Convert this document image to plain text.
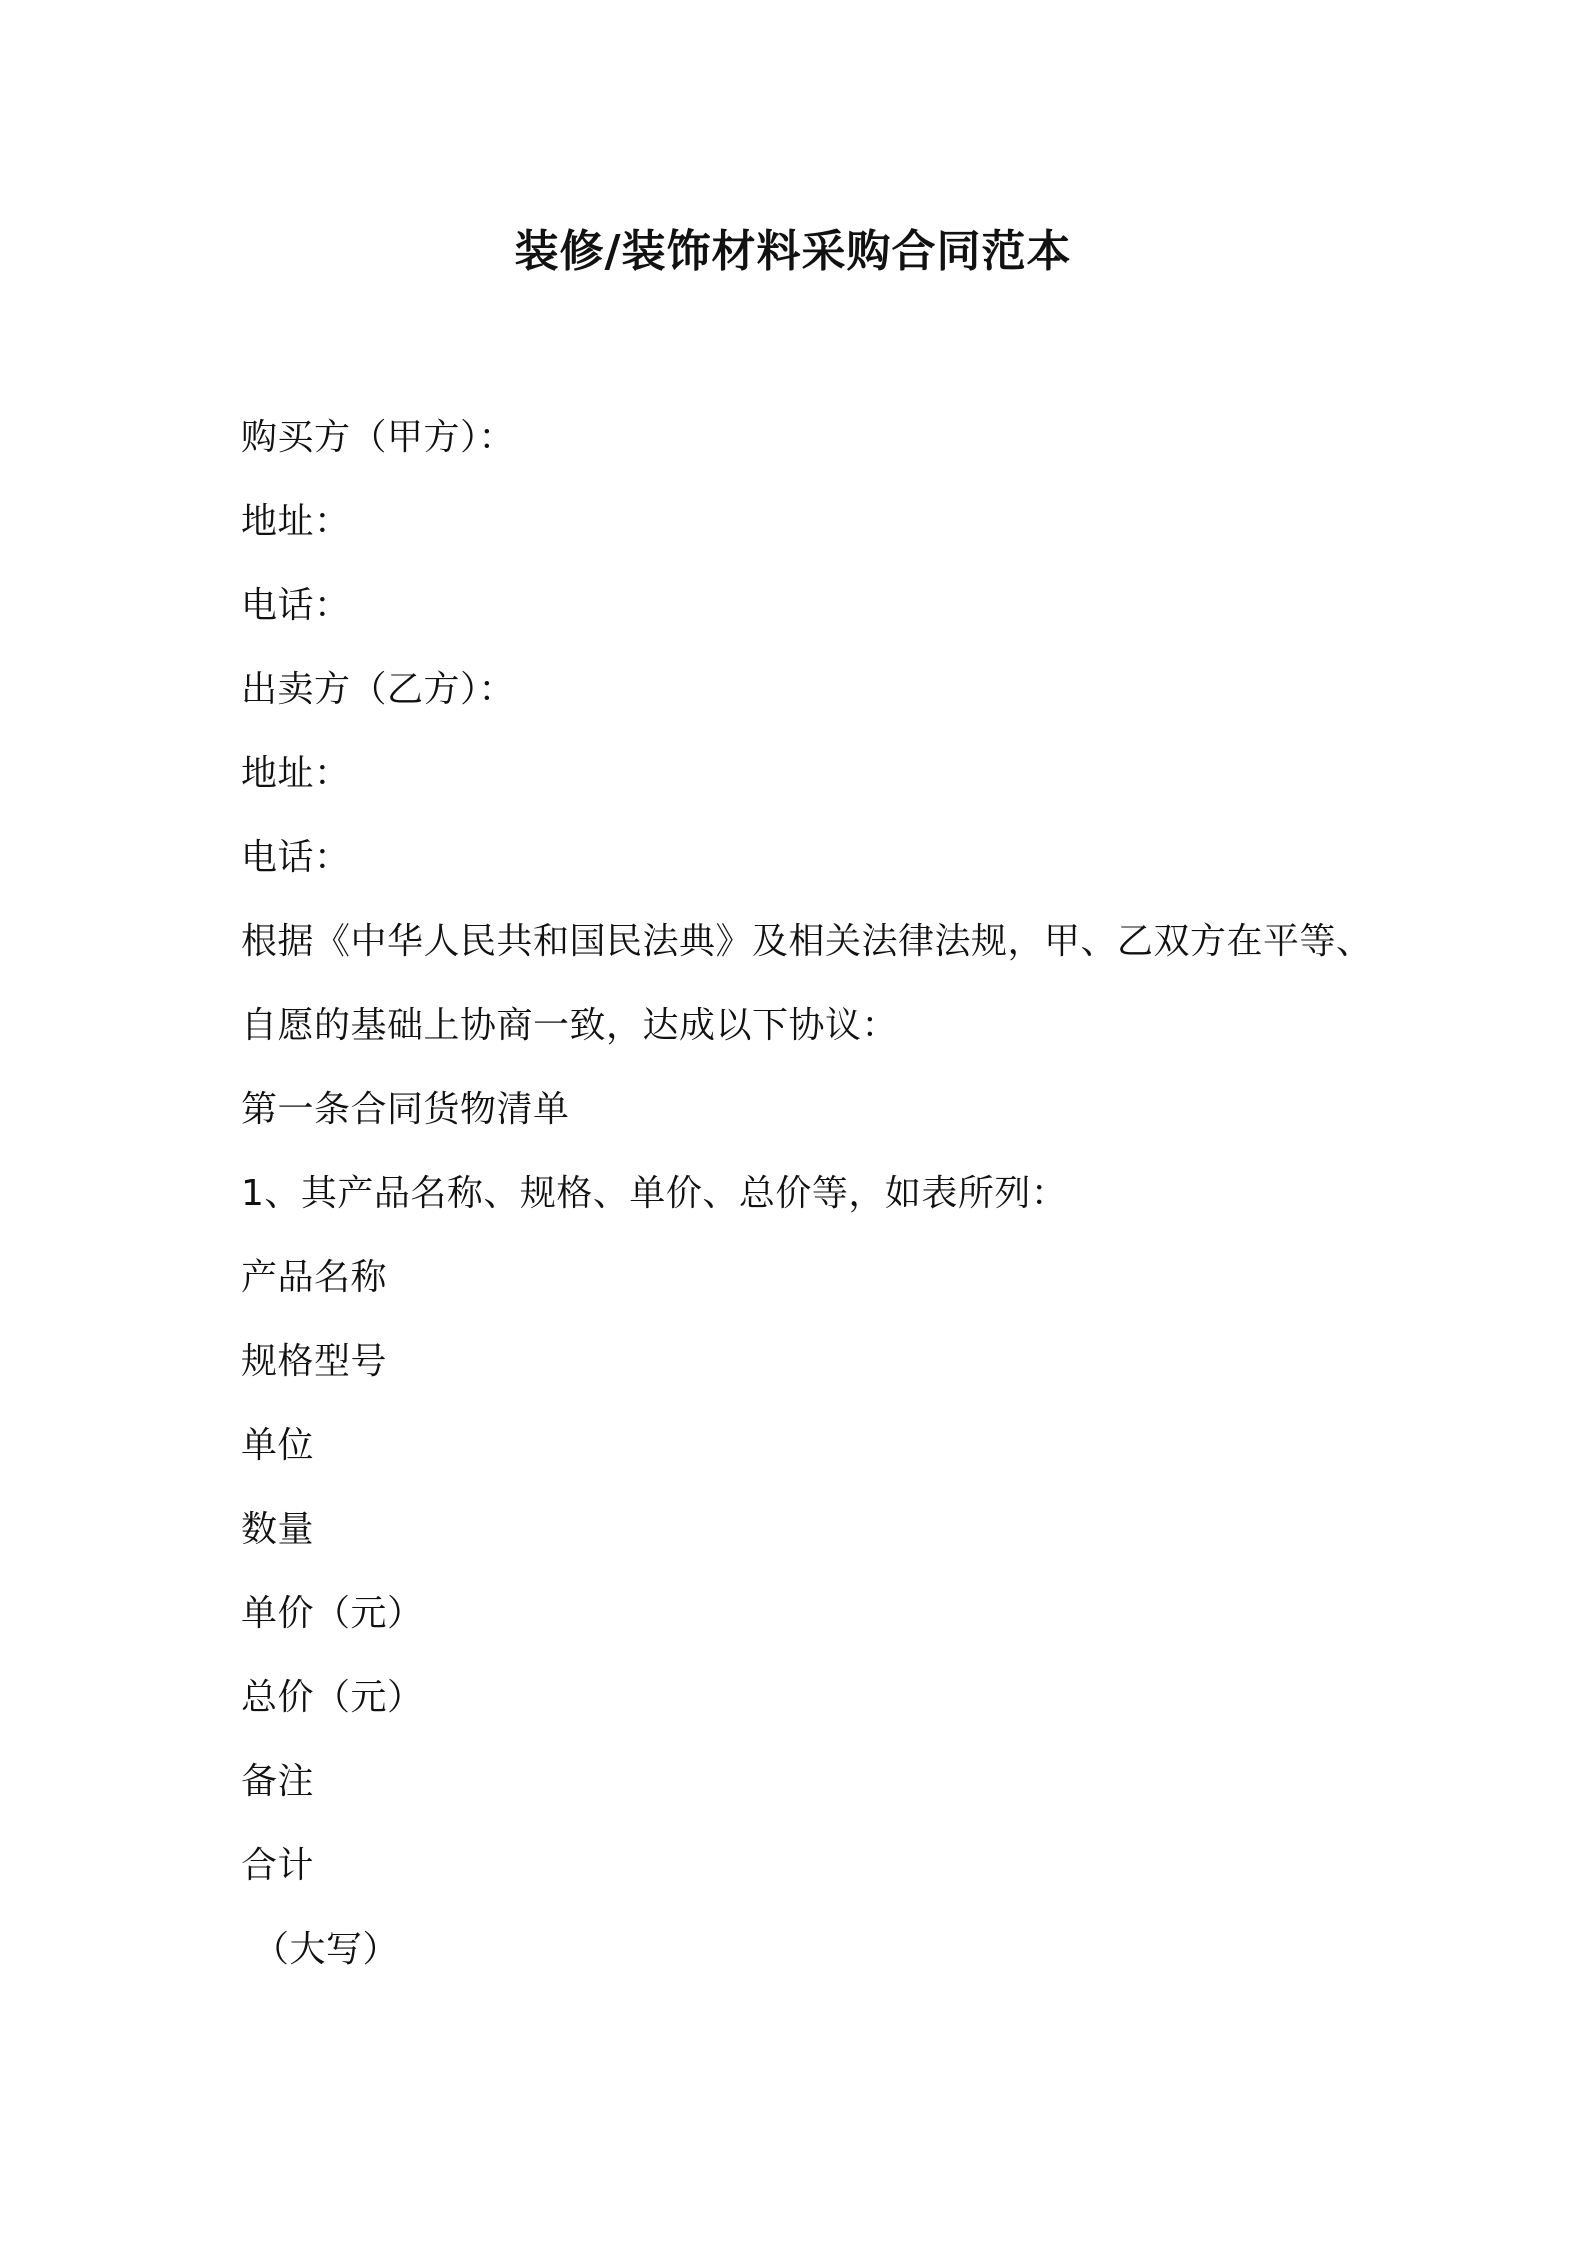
装修/装饰材料采购合同范本
购买方（甲方）：
地址：
电话：
出卖方（乙方）：
地址：
电话：
根据《中华人民共和国民法典》及相关法律法规，甲、乙双方在平等、
自愿的基础上协商一致，达成以下协议：
第一条合同货物清单
1、其产品名称、规格、单价、总价等，如表所列：
产品名称
规格型号
单位
数量
单价（元）
总价（元）
备注
合计
（大写）
